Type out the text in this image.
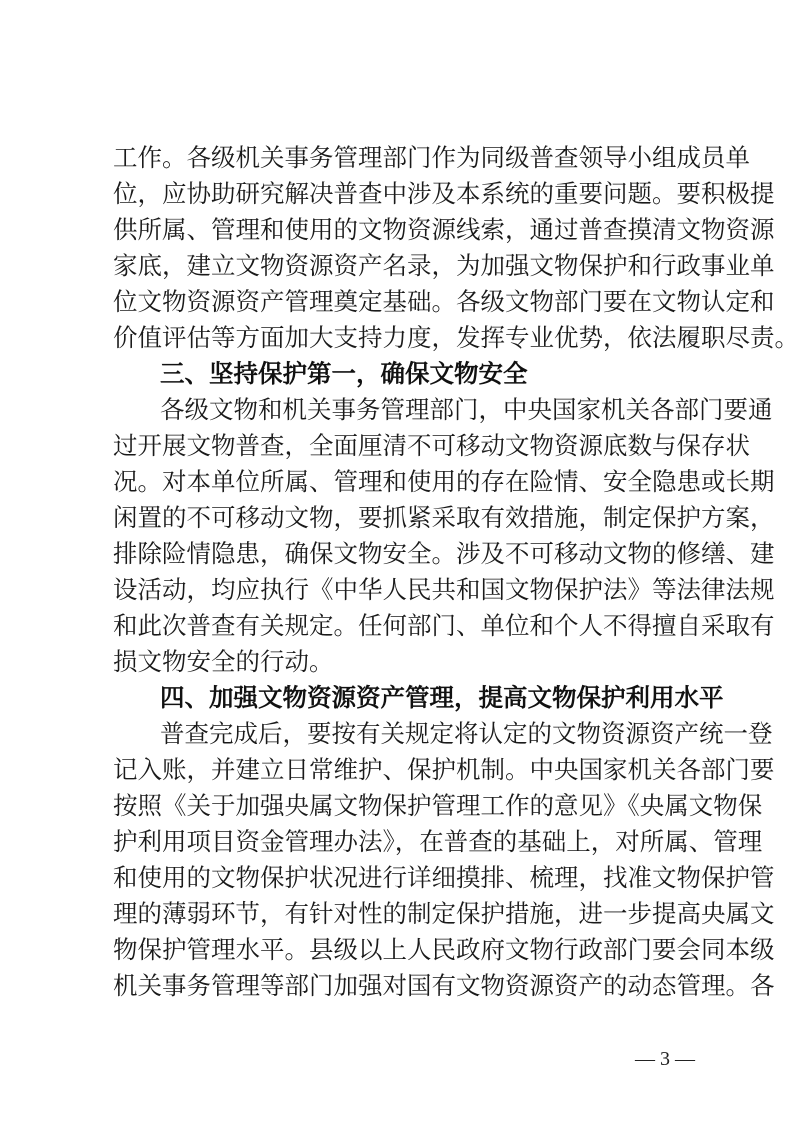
工作。各级机关事务管理部门作为同级普查领导小组成员单
位，应协助研究解决普查中涉及本系统的重要问题。要积极提
供所属、管理和使用的文物资源线索，通过普查摸清文物资源
家底，建立文物资源资产名录，为加强文物保护和行政事业单
位文物资源资产管理奠定基础。各级文物部门要在文物认定和
价值评估等方面加大支持力度，发挥专业优势，依法履职尽责。
三、坚持保护第一，确保文物安全
各级文物和机关事务管理部门，中央国家机关各部门要通
过开展文物普查，全面厘清不可移动文物资源底数与保存状
况。对本单位所属、管理和使用的存在险情、安全隐患或长期
闲置的不可移动文物，要抓紧采取有效措施，制定保护方案，
排除险情隐患，确保文物安全。涉及不可移动文物的修缮、建
设活动，均应执行《中华人民共和国文物保护法》等法律法规
和此次普查有关规定。任何部门、单位和个人不得擅自采取有
损文物安全的行动。
四、加强文物资源资产管理，提高文物保护利用水平
普查完成后，要按有关规定将认定的文物资源资产统一登
记入账，并建立日常维护、保护机制。中央国家机关各部门要
按照《关于加强央属文物保护管理工作的意见》《央属文物保
护利用项目资金管理办法》，在普查的基础上，对所属、管理
和使用的文物保护状况进行详细摸排、梳理，找准文物保护管
理的薄弱环节，有针对性的制定保护措施，进一步提高央属文
物保护管理水平。县级以上人民政府文物行政部门要会同本级
机关事务管理等部门加强对国有文物资源资产的动态管理。各
— 3 —
